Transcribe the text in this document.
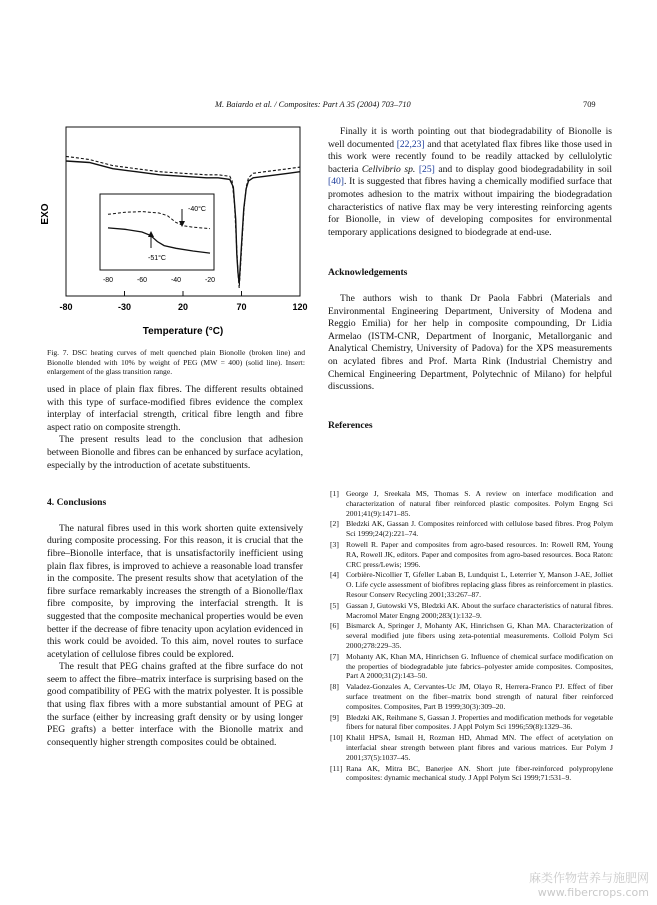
M. Baiardo et al. / Composites: Part A 35 (2004) 703–710	709
EXO
-80	-30	20	70	120
-80	-60	-40	-20
-40°C
-51°C
Temperature (°C)
Fig. 7. DSC heating curves of melt quenched plain Bionolle (broken line) and Bionolle blended with 10% by weight of PEG (MW = 400) (solid line). Insert: enlargement of the glass transition range.

used in place of plain flax fibres. The different results obtained with this type of surface-modified fibres evidence the complex interplay of interfacial strength, critical fibre length and fibre aspect ratio on composite strength.

The present results lead to the conclusion that adhesion between Bionolle and fibres can be enhanced by surface acylation, especially by the introduction of acetate substituents.

4. Conclusions

The natural fibres used in this work shorten quite extensively during composite processing. For this reason, it is crucial that the fibre–Bionolle interface, that is unsatisfactorily inefficient using plain flax fibres, is improved to achieve a reasonable load transfer in the composite. The present results show that acetylation of the fibre surface remarkably increases the strength of a Bionolle/flax fibre composite, by improving the interfacial strength. It is suggested that the composite mechanical properties would be even better if the decrease of fibre tenacity upon acylation evidenced in this work could be avoided. To this aim, novel routes to surface acetylation of cellulose fibres could be explored.

The result that PEG chains grafted at the fibre surface do not seem to affect the fibre–matrix interface is surprising based on the good compatibility of PEG with the matrix polyester. It is possible that using flax fibres with a more substantial amount of PEG at the surface (either by increasing graft density or by using longer PEG grafts) a better interface with the Bionolle matrix and consequently higher strength composites could be obtained.

Finally it is worth pointing out that biodegradability of Bionolle is well documented [22,23] and that acetylated flax fibres like those used in this work were recently found to be readily attacked by cellulolytic bacteria Cellvibrio sp. [25] and to display good biodegradability in soil [40]. It is suggested that fibres having a chemically modified surface that promotes adhesion to the matrix without impairing the biodegradation characteristics of native flax may be very interesting reinforcing agents for Bionolle, in view of developing composites for environmental temporary applications designed to biodegrade at end-use.

Acknowledgements

The authors wish to thank Dr Paola Fabbri (Materials and Environmental Engineering Department, University of Modena and Reggio Emilia) for her help in composite compounding, Dr Lidia Armelao (ISTM-CNR, Department of Inorganic, Metallorganic and Analytical Chemistry, University of Padova) for the XPS measurements on acylated fibres and Prof. Marta Rink (Industrial Chemistry and Chemical Engineering Department, Polytechnic of Milano) for helpful discussions.

References
[1] George J, Sreekala MS, Thomas S. A review on interface modification and characterization of natural fiber reinforced plastic composites. Polym Engng Sci 2001;41(9):1471–85.
[2] Bledzki AK, Gassan J. Composites reinforced with cellulose based fibres. Prog Polym Sci 1999;24(2):221–74.
[3] Rowell R. Paper and composites from agro-based resources. In: Rowell RM, Young RA, Rowell JK, editors. Paper and composites from agro-based resources. Boca Raton: CRC press/Lewis; 1996.
[4] Corbière-Nicollier T, Gfeller Laban B, Lundquist L, Leterrier Y, Manson J-AE, Jolliet O. Life cycle assessment of biofibres replacing glass fibres as reinforcement in plastics. Resour Conserv Recycling 2001;33:267–87.
[5] Gassan J, Gutowski VS, Bledzki AK. About the surface characteristics of natural fibres. Macromol Mater Engng 2000;283(1):132–9.
[6] Bismarck A, Springer J, Mohanty AK, Hinrichsen G, Khan MA. Characterization of several modified jute fibers using zeta-potential measurements. Colloid Polym Sci 2000;278:229–35.
[7] Mohanty AK, Khan MA, Hinrichsen G. Influence of chemical surface modification on the properties of biodegradable jute fabrics–polyester amide composites. Composites, Part A 2000;31(2):143–50.
[8] Valadez-Gonzales A, Cervantes-Uc JM, Olayo R, Herrera-Franco PJ. Effect of fiber surface treatment on the fiber–matrix bond strength of natural fiber reinforced composites. Composites, Part B 1999;30(3):309–20.
[9] Bledzki AK, Reihmane S, Gassan J. Properties and modification methods for vegetable fibers for natural fiber composites. J Appl Polym Sci 1996;59(8):1329–36.
[10] Khalil HPSA, Ismail H, Rozman HD, Ahmad MN. The effect of acetylation on interfacial shear strength between plant fibres and various matrices. Eur Polym J 2001;37(5):1037–45.
[11] Rana AK, Mitra BC, Banerjee AN. Short jute fiber-reinforced polypropylene composites: dynamic mechanical study. J Appl Polym Sci 1999;71:531–9.
麻类作物营养与施肥网
www.fibercrops.com
